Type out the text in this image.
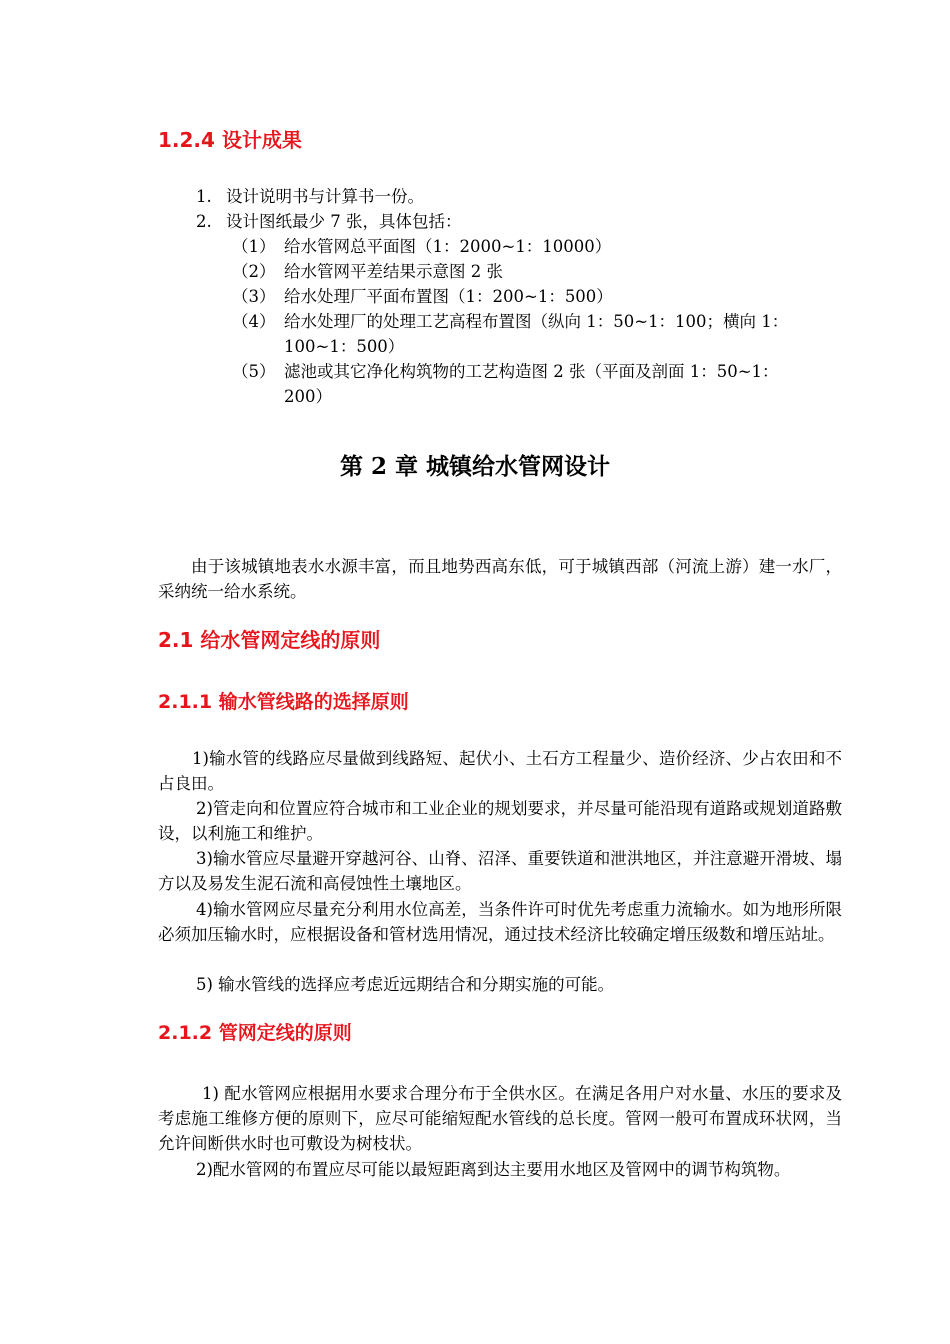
1.2.4 设计成果
1. 设计说明书与计算书一份。
2. 设计图纸最少 7 张，具体包括：
（1） 给水管网总平面图（1：2000~1：10000）
（2） 给水管网平差结果示意图 2 张
（3） 给水处理厂平面布置图（1：200~1：500）
（4） 给水处理厂的处理工艺高程布置图（纵向 1：50~1：100；横向 1：
100~1：500）
（5） 滤池或其它净化构筑物的工艺构造图 2 张（平面及剖面 1：50~1：
200）
第 2 章 城镇给水管网设计
由于该城镇地表水水源丰富，而且地势西高东低，可于城镇西部（河流上游）建一水厂，采纳统一给水系统。
2.1 给水管网定线的原则
2.1.1 输水管线路的选择原则
1)输水管的线路应尽量做到线路短、起伏小、土石方工程量少、造价经济、少占农田和不占良田。
2)管走向和位置应符合城市和工业企业的规划要求，并尽量可能沿现有道路或规划道路敷设，以利施工和维护。
3)输水管应尽量避开穿越河谷、山脊、沼泽、重要铁道和泄洪地区，并注意避开滑坡、塌方以及易发生泥石流和高侵蚀性土壤地区。
4)输水管网应尽量充分利用水位高差，当条件许可时优先考虑重力流输水。如为地形所限必须加压输水时，应根据设备和管材选用情况，通过技术经济比较确定增压级数和增压站址。
5) 输水管线的选择应考虑近远期结合和分期实施的可能。
2.1.2 管网定线的原则
1) 配水管网应根据用水要求合理分布于全供水区。在满足各用户对水量、水压的要求及考虑施工维修方便的原则下，应尽可能缩短配水管线的总长度。管网一般可布置成环状网，当允许间断供水时也可敷设为树枝状。
2)配水管网的布置应尽可能以最短距离到达主要用水地区及管网中的调节构筑物。
